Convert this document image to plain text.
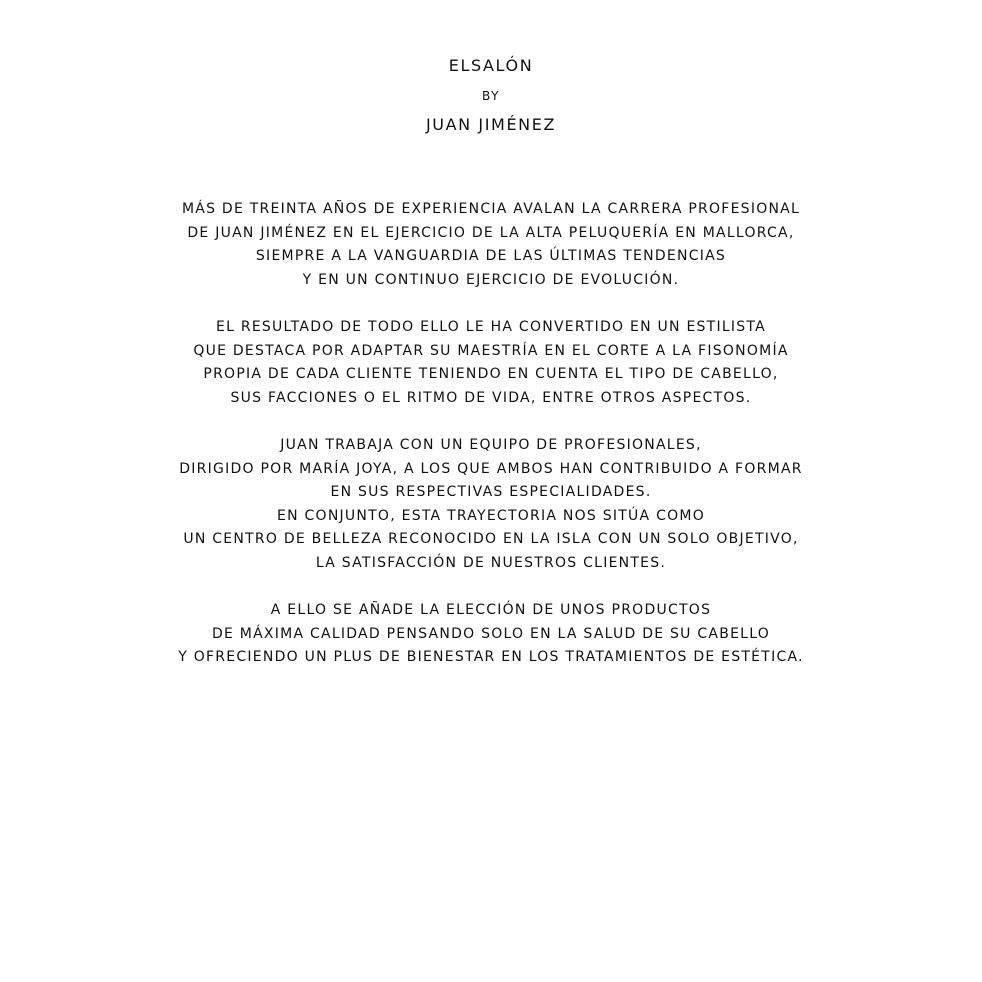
ELSALÓN
BY
JUAN JIMÉNEZ

MÁS DE TREINTA AÑOS DE EXPERIENCIA AVALAN LA CARRERA PROFESIONAL
DE JUAN JIMÉNEZ EN EL EJERCICIO DE LA ALTA PELUQUERÍA EN MALLORCA,
SIEMPRE A LA VANGUARDIA DE LAS ÚLTIMAS TENDENCIAS
Y EN UN CONTINUO EJERCICIO DE EVOLUCIÓN.

EL RESULTADO DE TODO ELLO LE HA CONVERTIDO EN UN ESTILISTA
QUE DESTACA POR ADAPTAR SU MAESTRÍA EN EL CORTE A LA FISONOMÍA
PROPIA DE CADA CLIENTE TENIENDO EN CUENTA EL TIPO DE CABELLO,
SUS FACCIONES O EL RITMO DE VIDA, ENTRE OTROS ASPECTOS.

JUAN TRABAJA CON UN EQUIPO DE PROFESIONALES,
DIRIGIDO POR MARÍA JOYA, A LOS QUE AMBOS HAN CONTRIBUIDO A FORMAR
EN SUS RESPECTIVAS ESPECIALIDADES.
EN CONJUNTO, ESTA TRAYECTORIA NOS SITÚA COMO
UN CENTRO DE BELLEZA RECONOCIDO EN LA ISLA CON UN SOLO OBJETIVO,
LA SATISFACCIÓN DE NUESTROS CLIENTES.

A ELLO SE AÑADE LA ELECCIÓN DE UNOS PRODUCTOS
DE MÁXIMA CALIDAD PENSANDO SOLO EN LA SALUD DE SU CABELLO
Y OFRECIENDO UN PLUS DE BIENESTAR EN LOS TRATAMIENTOS DE ESTÉTICA.
